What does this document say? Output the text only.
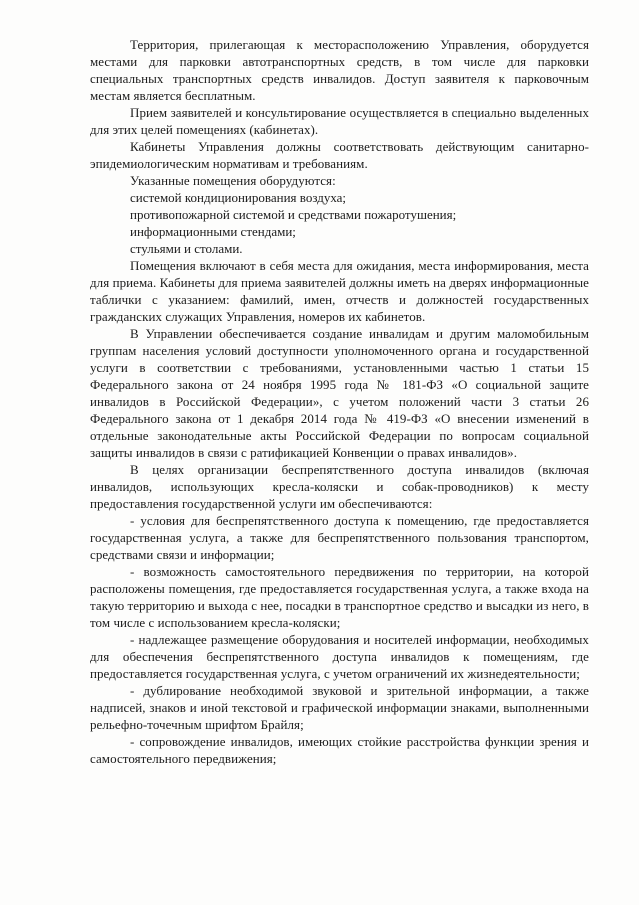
Территория, прилегающая к месторасположению Управления, оборудуется местами для парковки автотранспортных средств, в том числе для парковки специальных транспортных средств инвалидов. Доступ заявителя к парковочным местам является бесплатным.

Прием заявителей и консультирование осуществляется в специально выделенных для этих целей помещениях (кабинетах).

Кабинеты Управления должны соответствовать действующим санитарно-эпидемиологическим нормативам и требованиям.

Указанные помещения оборудуются:

системой кондиционирования воздуха;

противопожарной системой и средствами пожаротушения;

информационными стендами;

стульями и столами.

Помещения включают в себя места для ожидания, места информирования, места для приема. Кабинеты для приема заявителей должны иметь на дверях информационные таблички с указанием: фамилий, имен, отчеств и должностей государственных гражданских служащих Управления, номеров их кабинетов.

В Управлении обеспечивается создание инвалидам и другим маломобильным группам населения условий доступности уполномоченного органа и государственной услуги в соответствии с требованиями, установленными частью 1 статьи 15 Федерального закона от 24 ноября 1995 года № 181-ФЗ «О социальной защите инвалидов в Российской Федерации», с учетом положений части 3 статьи 26 Федерального закона от 1 декабря 2014 года № 419-ФЗ «О внесении изменений в отдельные законодательные акты Российской Федерации по вопросам социальной защиты инвалидов в связи с ратификацией Конвенции о правах инвалидов».

В целях организации беспрепятственного доступа инвалидов (включая инвалидов, использующих кресла-коляски и собак-проводников) к месту предоставления государственной услуги им обеспечиваются:

- условия для беспрепятственного доступа к помещению, где предоставляется государственная услуга, а также для беспрепятственного пользования транспортом, средствами связи и информации;

- возможность самостоятельного передвижения по территории, на которой расположены помещения, где предоставляется государственная услуга, а также входа на такую территорию и выхода с нее, посадки в транспортное средство и высадки из него, в том числе с использованием кресла-коляски;

- надлежащее размещение оборудования и носителей информации, необходимых для обеспечения беспрепятственного доступа инвалидов к помещениям, где предоставляется государственная услуга, с учетом ограничений их жизнедеятельности;

- дублирование необходимой звуковой и зрительной информации, а также надписей, знаков и иной текстовой и графической информации знаками, выполненными рельефно-точечным шрифтом Брайля;

- сопровождение инвалидов, имеющих стойкие расстройства функции зрения и самостоятельного передвижения;
